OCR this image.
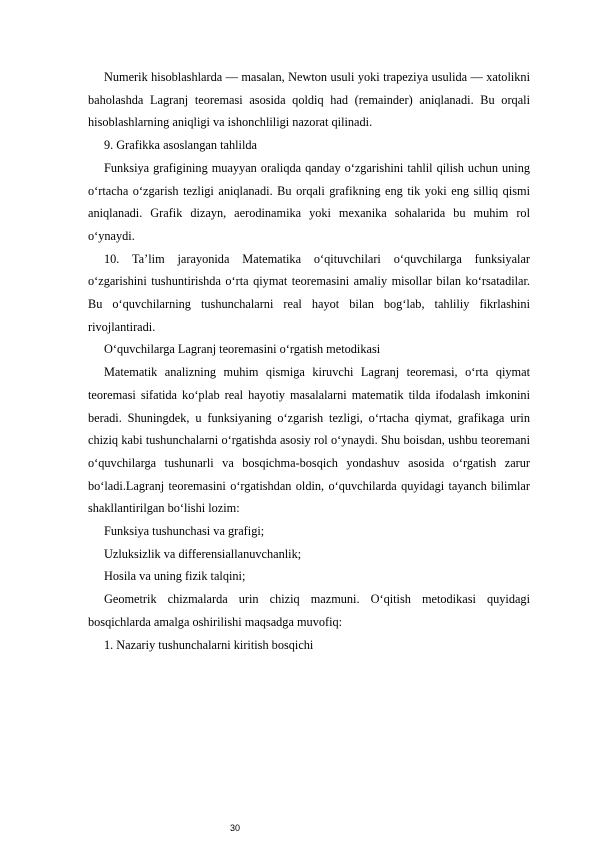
Numerik hisoblashlarda — masalan, Newton usuli yoki trapeziya usulida — xatolikni baholashda Lagranj teoremasi asosida qoldiq had (remainder) aniqlanadi. Bu orqali hisoblashlarning aniqligi va ishonchliligi nazorat qilinadi.

9. Grafikka asoslangan tahlilda

Funksiya grafigining muayyan oraliqda qanday o‘zgarishini tahlil qilish uchun uning o‘rtacha o‘zgarish tezligi aniqlanadi. Bu orqali grafikning eng tik yoki eng silliq qismi aniqlanadi. Grafik dizayn, aerodinamika yoki mexanika sohalarida bu muhim rol o‘ynaydi.

10. Ta’lim jarayonida Matematika o‘qituvchilari o‘quvchilarga funksiyalar o‘zgarishini tushuntirishda o‘rta qiymat teoremasini amaliy misollar bilan ko‘rsatadilar. Bu o‘quvchilarning tushunchalarni real hayot bilan bog‘lab, tahliliy fikrlashini rivojlantiradi.

O‘quvchilarga Lagranj teoremasini o‘rgatish metodikasi

Matematik analizning muhim qismiga kiruvchi Lagranj teoremasi, o‘rta qiymat teoremasi sifatida ko‘plab real hayotiy masalalarni matematik tilda ifodalash imkonini beradi. Shuningdek, u funksiyaning o‘zgarish tezligi, o‘rtacha qiymat, grafikaga urin chiziq kabi tushunchalarni o‘rgatishda asosiy rol o‘ynaydi. Shu boisdan, ushbu teoremani o‘quvchilarga tushunarli va bosqichma-bosqich yondashuv asosida o‘rgatish zarur bo‘ladi.Lagranj teoremasini o‘rgatishdan oldin, o‘quvchilarda quyidagi tayanch bilimlar shakllantirilgan bo‘lishi lozim:

Funksiya tushunchasi va grafigi;

Uzluksizlik va differensiallanuvchanlik;

Hosila va uning fizik talqini;

Geometrik chizmalarda urin chiziq mazmuni. O‘qitish metodikasi quyidagi bosqichlarda amalga oshirilishi maqsadga muvofiq:

1. Nazariy tushunchalarni kiritish bosqichi

30
